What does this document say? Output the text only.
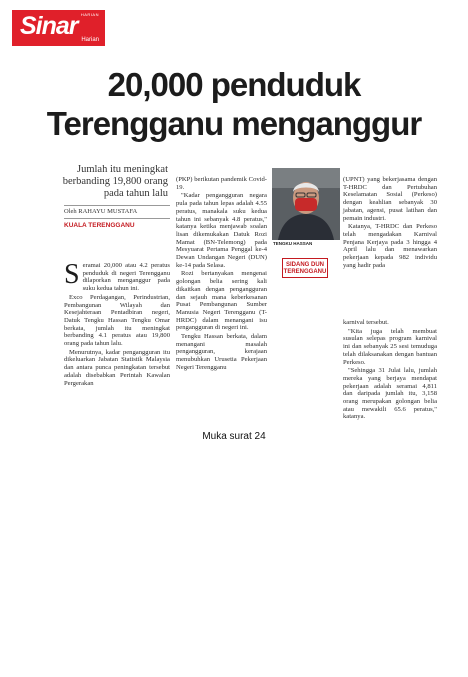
HARIAN
Sinar Harian
20,000 penduduk
Terengganu menganggur
Jumlah itu meningkat berbanding 19,800 orang pada tahun lalu
Oleh RAHAYU MUSTAFA
KUALA TERENGGANU

Seramai 20,000 atau 4.2 peratus penduduk di negeri Terengganu dilaporkan menganggur pada suku kedua tahun ini.

Exco Perdagangan, Perindustrian, Pembangunan Wilayah dan Kesejahteraan Pentadbiran negeri, Datuk Tengku Hassan Tengku Omar berkata, jumlah itu meningkat berbanding 4.1 peratus atau 19,800 orang pada tahun lalu.

Menurutnya, kadar pengangguran itu dikeluarkan Jabatan Statistik Malaysia dan antara punca peningkatan tersebut adalah disebabkan Perintah Kawalan Pergerakan

(PKP) berikutan pandemik Covid-19.

"Kadar pengangguran negara pula pada tahun lepas adalah 4.55 peratus, manakala suku kedua tahun ini sebanyak 4.8 peratus," katanya ketika menjawab soalan lisan dikemukakan Datuk Rozi Mamat (BN-Telemong) pada Mesyuarat Pertama Penggal ke-4 Dewan Undangan Negeri (DUN) ke-14 pada Selasa.

Rozi bertanyakan mengenai golongan belia sering kali dikaitkan dengan pengangguran dan sejauh mana keberkesanan Pusat Pembangunan Sumber Manusia Negeri Terengganu (T-HRDC) dalam menangani isu pengangguran di negeri ini.

Tengku Hassan berkata, dalam menangani masalah pengangguran, kerajaan menubuhkan Urusetia Pekerjaan Negeri Terengganu

TENGKU HASSAN
SIDANG DUN
TERENGGANU

(UPNT) yang bekerjasama dengan T-HRDC dan Pertubuhan Keselamatan Sosial (Perkeso) dengan keahlian sebanyak 30 jabatan, agensi, pusat latihan dan pemain industri.

Katanya, T-HRDC dan Perkeso telah mengadakan Karnival Penjana Kerjaya pada 3 hingga 4 April lalu dan menawarkan pekerjaan kepada 982 individu yang hadir pada

karnival tersebut.

"Kita juga telah membuat susulan selepas program karnival ini dan sebanyak 25 sesi temuduga telah dilaksanakan dengan bantuan Perkeso.

"Sehingga 31 Julai lalu, jumlah mereka yang berjaya mendapat pekerjaan adalah seramai 4,811 dan daripada jumlah itu, 3,158 orang merupakan golongan belia atau mewakili 65.6 peratus," katanya.

Muka surat 24
